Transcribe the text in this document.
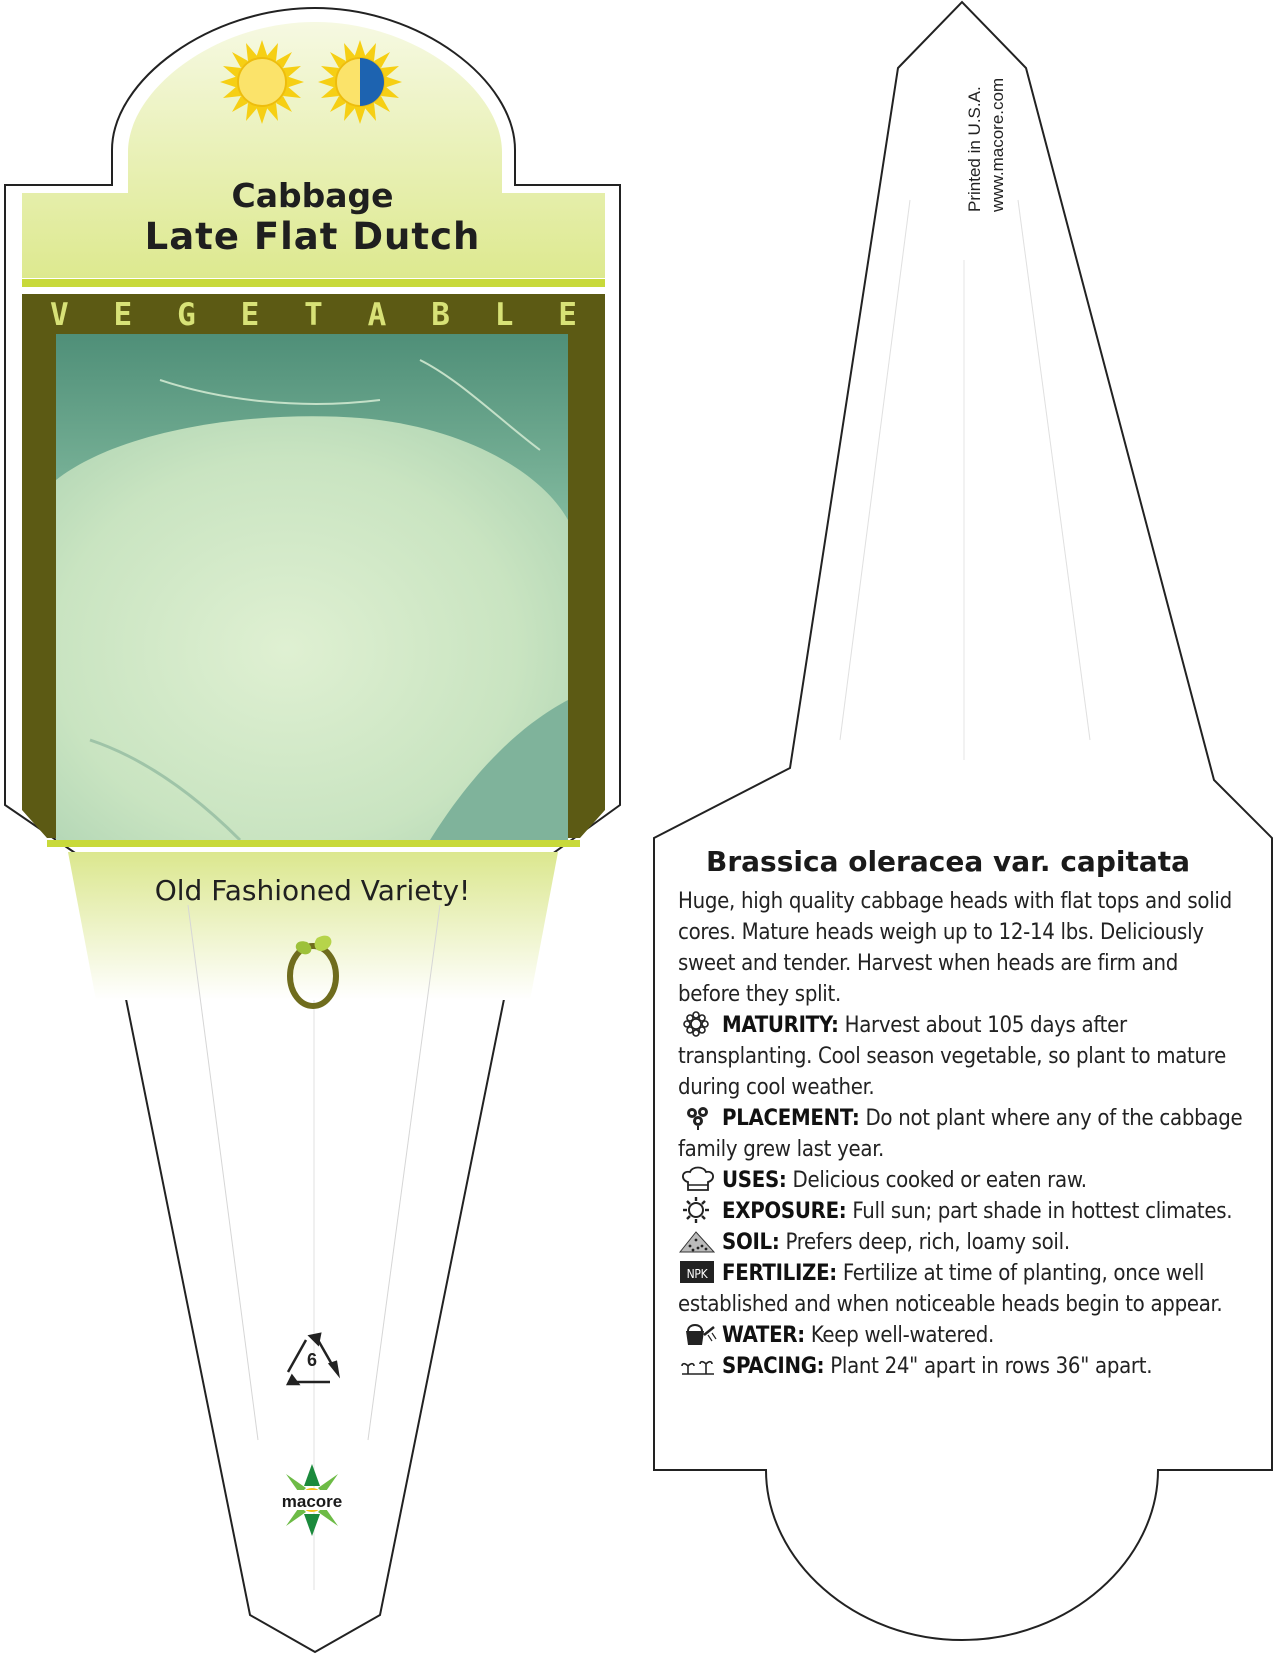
Cabbage
Late Flat Dutch
V E G E T A B L E

Old Fashioned Variety!

6
macore
Printed in U.S.A. www.macore.com
Brassica oleracea var. capitata

Huge, high quality cabbage heads with flat tops and solid cores. Mature heads weigh up to 12-14 lbs. Deliciously sweet and tender. Harvest when heads are firm and before they split.

MATURITY: Harvest about 105 days after transplanting. Cool season vegetable, so plant to mature during cool weather.

PLACEMENT: Do not plant where any of the cabbage family grew last year.

USES: Delicious cooked or eaten raw.

EXPOSURE: Full sun; part shade in hottest climates.

SOIL: Prefers deep, rich, loamy soil.

NPK FERTILIZE: Fertilize at time of planting, once well established and when noticeable heads begin to appear.

WATER: Keep well-watered.

SPACING: Plant 24" apart in rows 36" apart.
